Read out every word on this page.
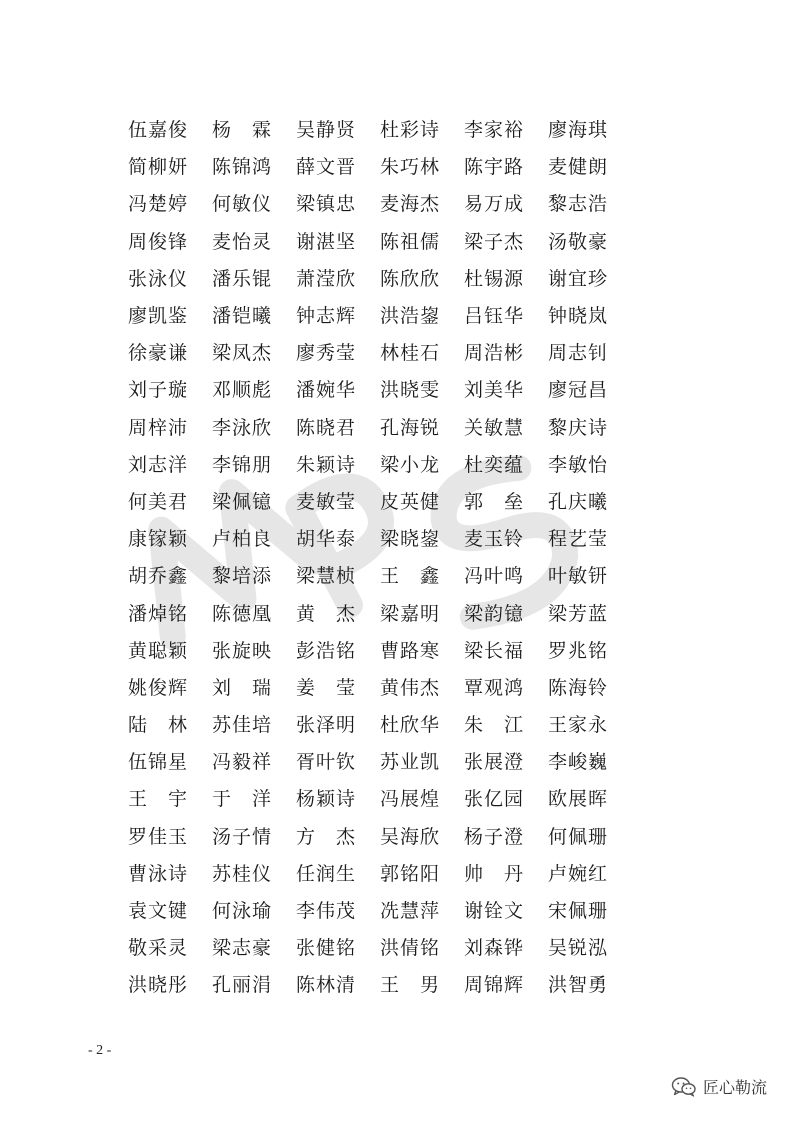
伍嘉俊	杨　霖	吴静贤	杜彩诗	李家裕	廖海琪
简柳妍	陈锦鸿	薛文晋	朱巧林	陈宇路	麦健朗
冯楚婷	何敏仪	梁镇忠	麦海杰	易万成	黎志浩
周俊锋	麦怡灵	谢湛坚	陈祖儒	梁子杰	汤敬豪
张泳仪	潘乐锟	萧滢欣	陈欣欣	杜锡源	谢宜珍
廖凯鉴	潘铠曦	钟志辉	洪浩鋆	吕钰华	钟晓岚
徐豪谦	梁凤杰	廖秀莹	林桂石	周浩彬	周志钊
刘子璇	邓顺彪	潘婉华	洪晓雯	刘美华	廖冠昌
周梓沛	李泳欣	陈晓君	孔海锐	关敏慧	黎庆诗
刘志洋	李锦朋	朱颖诗	梁小龙	杜奕蕴	李敏怡
何美君	梁佩镱	麦敏莹	皮英健	郭　垒	孔庆曦
康镓颖	卢柏良	胡华泰	梁晓鋆	麦玉铃	程艺莹
胡乔鑫	黎培添	梁慧桢	王　鑫	冯叶鸣	叶敏钘
潘焯铭	陈德凰	黄　杰	梁嘉明	梁韵镱	梁芳蓝
黄聪颖	张旋映	彭浩铭	曹路寒	梁长福	罗兆铭
姚俊辉	刘　瑞	姜　莹	黄伟杰	覃观鸿	陈海铃
陆　林	苏佳培	张泽明	杜欣华	朱　江	王家永
伍锦星	冯毅祥	胥叶钦	苏业凯	张展澄	李峻巍
王　宇	于　洋	杨颖诗	冯展煌	张亿园	欧展晖
罗佳玉	汤子情	方　杰	吴海欣	杨子澄	何佩珊
曹泳诗	苏桂仪	任润生	郭铭阳	帅　丹	卢婉红
袁文键	何泳瑜	李伟茂	冼慧萍	谢铨文	宋佩珊
敬采灵	梁志豪	张健铭	洪倩铭	刘森铧	吴锐泓
洪晓彤	孔丽涓	陈林清	王　男	周锦辉	洪智勇
- 2 -
匠心勒流
